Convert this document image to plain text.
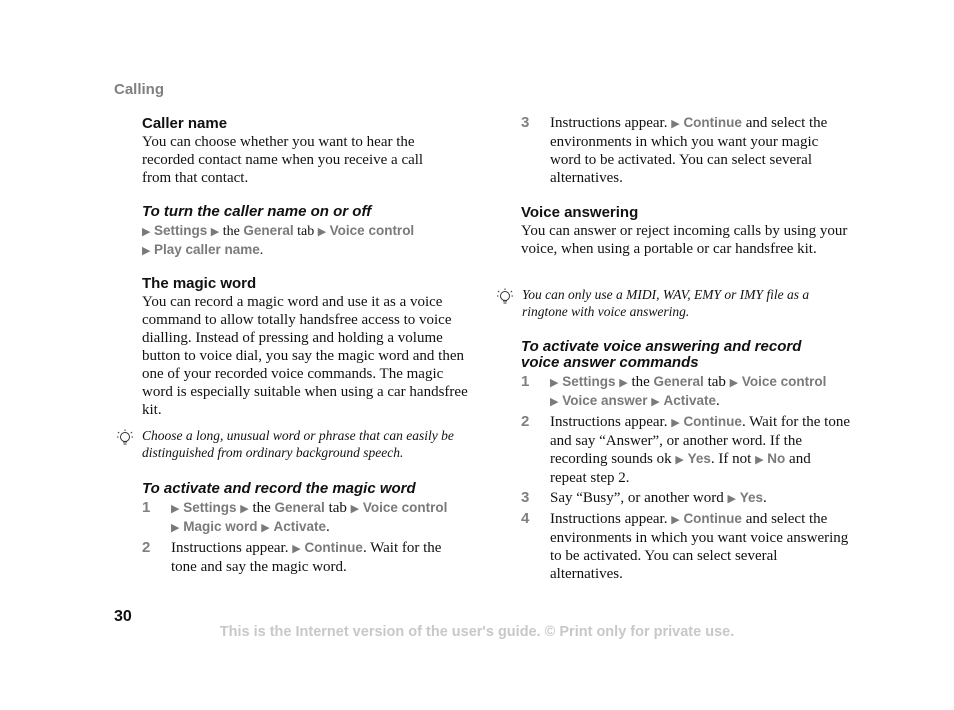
Calling
Caller name

You can choose whether you want to hear the recorded contact name when you receive a call from that contact.

To turn the caller name on or off
▶ Settings ▶ the General tab ▶ Voice control
▶ Play caller name.
The magic word

You can record a magic word and use it as a voice command to allow totally handsfree access to voice dialling. Instead of pressing and holding a volume button to voice dial, you say the magic word and then one of your recorded voice commands. The magic word is especially suitable when using a car handsfree kit.

Choose a long, unusual word or phrase that can easily be distinguished from ordinary background speech.
To activate and record the magic word
1 ▶ Settings ▶ the General tab ▶ Voice control
▶ Magic word ▶ Activate.
2 Instructions appear. ▶ Continue. Wait for the tone and say the magic word.
3 Instructions appear. ▶ Continue and select the environments in which you want your magic word to be activated. You can select several alternatives.
Voice answering

You can answer or reject incoming calls by using your voice, when using a portable or car handsfree kit.

You can only use a MIDI, WAV, EMY or IMY file as a ringtone with voice answering.
To activate voice answering and record voice answer commands
1 ▶ Settings ▶ the General tab ▶ Voice control
▶ Voice answer ▶ Activate.
2 Instructions appear. ▶ Continue. Wait for the tone and say “Answer”, or another word. If the recording sounds ok ▶ Yes. If not ▶ No and repeat step 2.
3 Say “Busy”, or another word ▶ Yes.
4 Instructions appear. ▶ Continue and select the environments in which you want voice answering to be activated. You can select several alternatives.
30
This is the Internet version of the user's guide. © Print only for private use.
